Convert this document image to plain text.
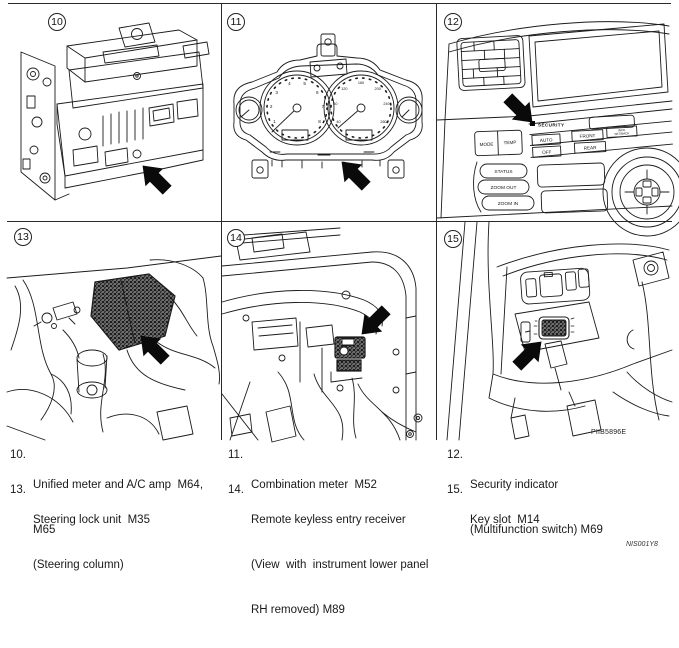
10	11	12
13	14	15
1
2
3
4	5
6
7
8	40
80
120
160
200
240
260
SECURITY
AUTO
FRONT
INFO
SET/BACK
OFF
REAR
MODE TEMP
STATUS
ZOOM OUT
ZOOM IN
PIIB5896E
NIS001Y8
10.

Unified meter and A/C amp  M64,

M65

11.

Combination meter  M52

12.

Security indicator

(Multifunction switch) M69

13.

Steering lock unit  M35

(Steering column)

14.

Remote keyless entry receiver

(View  with  instrument lower panel

RH removed) M89

15.

Key slot  M14
